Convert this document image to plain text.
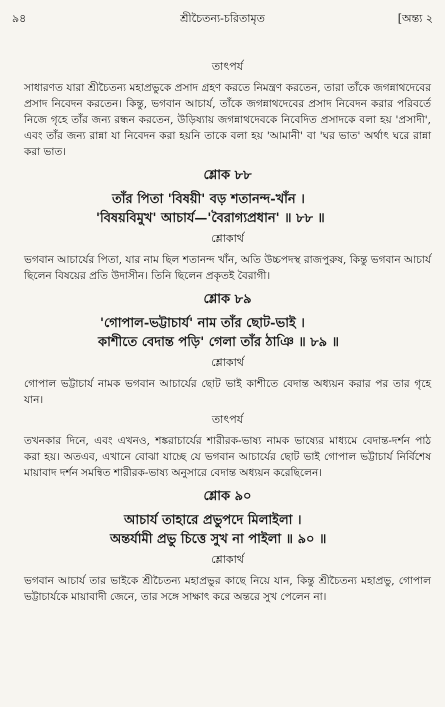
৯৪	শ্রীচৈতন্য-চরিতামৃত	[অন্ত্য ২
তাৎপর্য

সাধারণত যারা শ্রীচৈতন্য মহাপ্রভুকে প্রসাদ গ্রহণ করতে নিমন্ত্রণ করতেন, তারা তাঁকে জগন্নাথদেবের প্রসাদ নিবেদন করতেন। কিন্তু, ভগবান আচার্য, তাঁকে জগন্নাথদেবের প্রসাদ নিবেদন করার পরিবর্তে নিজে গৃহে তাঁর জন্য রন্ধন করতেন, উড়িষ্যায় জগন্নাথদেবকে নিবেদিত প্রসাদকে বলা হয় 'প্রসাদী', এবং তাঁর জন্য রান্না যা নিবেদন করা হয়নি তাকে বলা হয় 'আমানী' বা 'ঘর ভাত' অর্থাৎ ঘরে রান্না করা ভাত।

শ্লোক ৮৮
তাঁর পিতা 'বিষয়ী' বড় শতানন্দ-খাঁন ।
'বিষয়বিমুখ' আচার্য—'বৈরাগ্যপ্রধান' ॥ ৮৮ ॥
শ্লোকার্থ

ভগবান আচার্যের পিতা, যার নাম ছিল শতানন্দ খাঁন, অতি উচ্চপদস্থ রাজপুরুষ, কিন্তু ভগবান আচার্য ছিলেন বিষয়ের প্রতি উদাসীন। তিনি ছিলেন প্রকৃতই বৈরাগী।

শ্লোক ৮৯
'গোপাল-ভট্টাচার্য' নাম তাঁর ছোট-ভাই ।
কাশীতে বেদান্ত পড়ি' গেলা তাঁর ঠাঞি ॥ ৮৯ ॥
শ্লোকার্থ

গোপাল ভট্টাচার্য নামক ভগবান আচার্যের ছোট ভাই কাশীতে বেদান্ত অধ্যয়ন করার পর তার গৃহে যান।

তাৎপর্য

তখনকার দিনে, এবং এখনও, শঙ্করাচার্যের শারীরক-ভাষ্য নামক ভাষ্যের মাধ্যমে বেদান্ত-দর্শন পাঠ করা হয়। অতএব, এখানে বোঝা যাচ্ছে যে ভগবান আচার্যের ছোট ভাই গোপাল ভট্টাচার্য নির্বিশেষ মায়াবাদ দর্শন সমন্বিত শারীরক-ভাষ্য অনুসারে বেদান্ত অধ্যয়ন করেছিলেন।

শ্লোক ৯০
আচার্য তাহারে প্রভুপদে মিলাইলা ।
অন্তর্যামী প্রভু চিত্তে সুখ না পাইলা ॥ ৯০ ॥
শ্লোকার্থ

ভগবান আচার্য তার ভাইকে শ্রীচৈতন্য মহাপ্রভুর কাছে নিয়ে যান, কিন্তু শ্রীচৈতন্য মহাপ্রভু, গোপাল ভট্টাচার্যকে মায়াবাদী জেনে, তার সঙ্গে সাক্ষাৎ করে অন্তরে সুখ পেলেন না।
